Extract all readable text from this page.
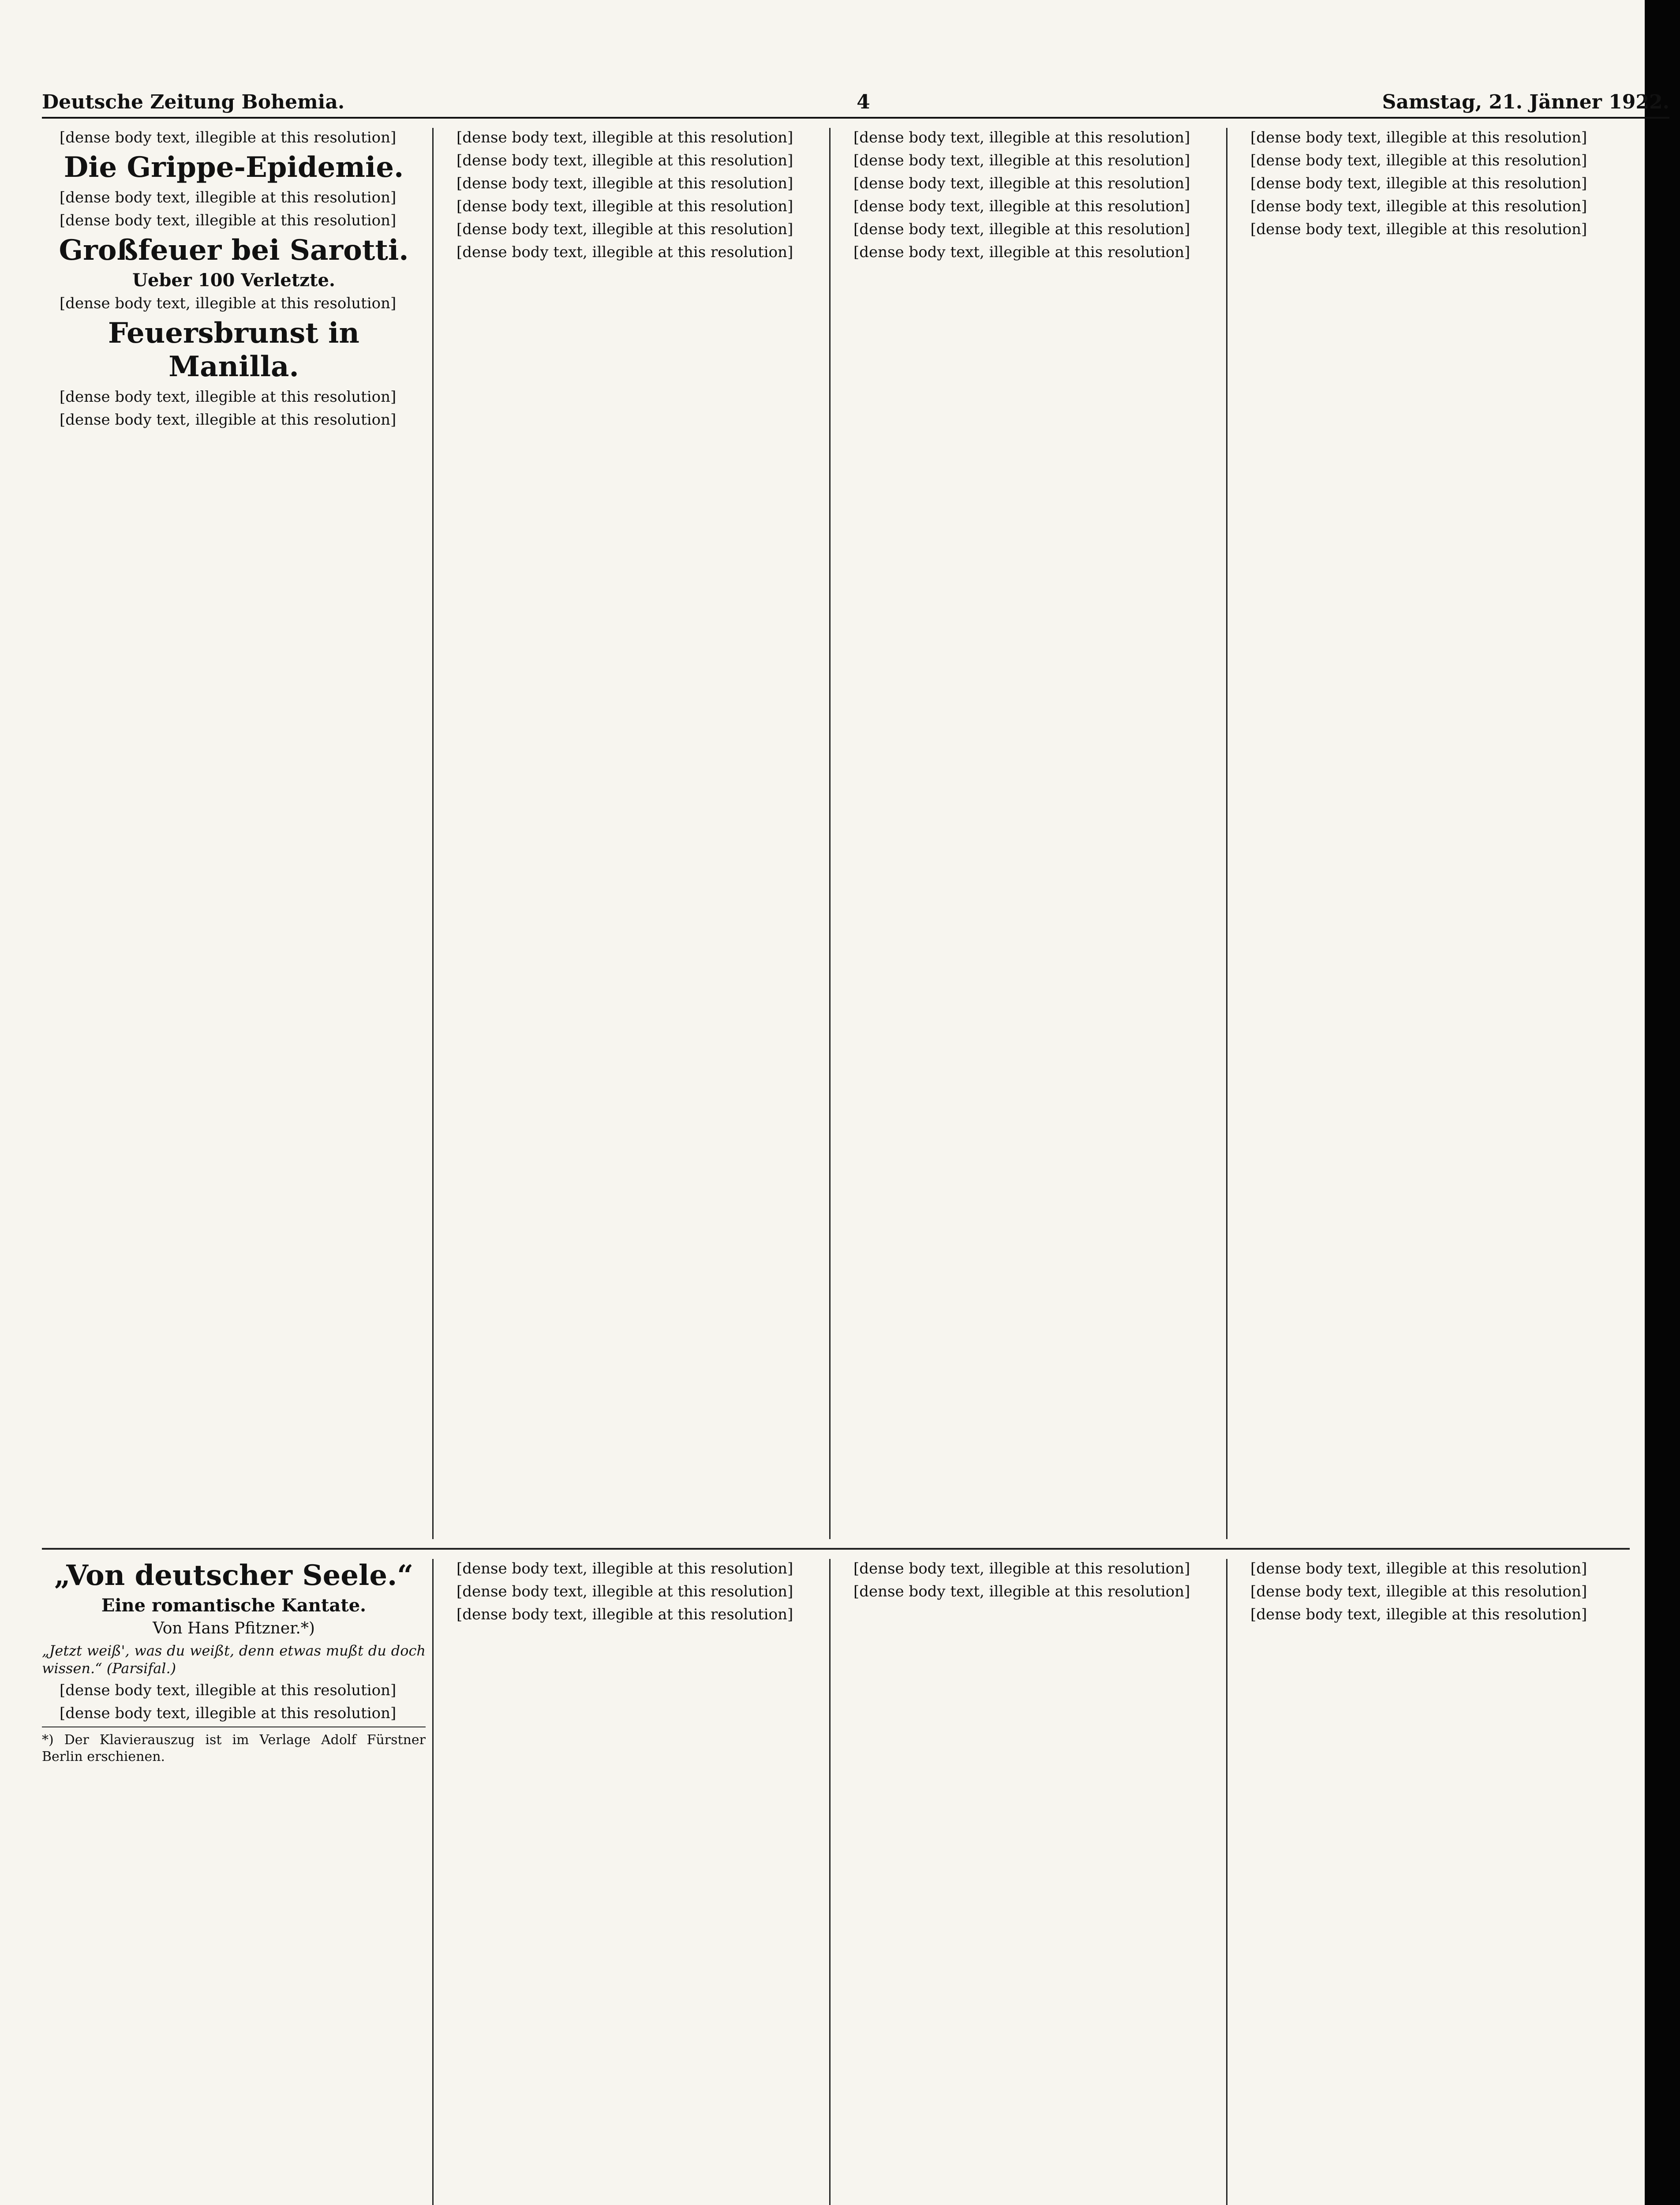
Deutsche Zeitung Bohemia.	4	Samstag, 21. Jänner 1922.

[dense body text, illegible at this resolution]

Die Grippe-Epidemie.

[dense body text, illegible at this resolution]

[dense body text, illegible at this resolution]

Großfeuer bei Sarotti.

Ueber 100 Verletzte.

[dense body text, illegible at this resolution]

Feuersbrunst in Manilla.

[dense body text, illegible at this resolution]

[dense body text, illegible at this resolution]

[dense body text, illegible at this resolution]

[dense body text, illegible at this resolution]

[dense body text, illegible at this resolution]

[dense body text, illegible at this resolution]

[dense body text, illegible at this resolution]

[dense body text, illegible at this resolution]

[dense body text, illegible at this resolution]

[dense body text, illegible at this resolution]

[dense body text, illegible at this resolution]

[dense body text, illegible at this resolution]

[dense body text, illegible at this resolution]

[dense body text, illegible at this resolution]

[dense body text, illegible at this resolution]

[dense body text, illegible at this resolution]

[dense body text, illegible at this resolution]

[dense body text, illegible at this resolution]

[dense body text, illegible at this resolution]

„Von deutscher Seele.“

Eine romantische Kantate.

Von Hans Pfitzner.*)

„Jetzt weiß', was du weißt, denn etwas mußt du doch wissen.“ (Parsifal.)

[dense body text, illegible at this resolution]

[dense body text, illegible at this resolution]

*) Der Klavierauszug ist im Verlage Adolf Fürstner Berlin erschienen.

[dense body text, illegible at this resolution]

[dense body text, illegible at this resolution]

[dense body text, illegible at this resolution]

[dense body text, illegible at this resolution]

[dense body text, illegible at this resolution]

[dense body text, illegible at this resolution]

[dense body text, illegible at this resolution]

[dense body text, illegible at this resolution]
